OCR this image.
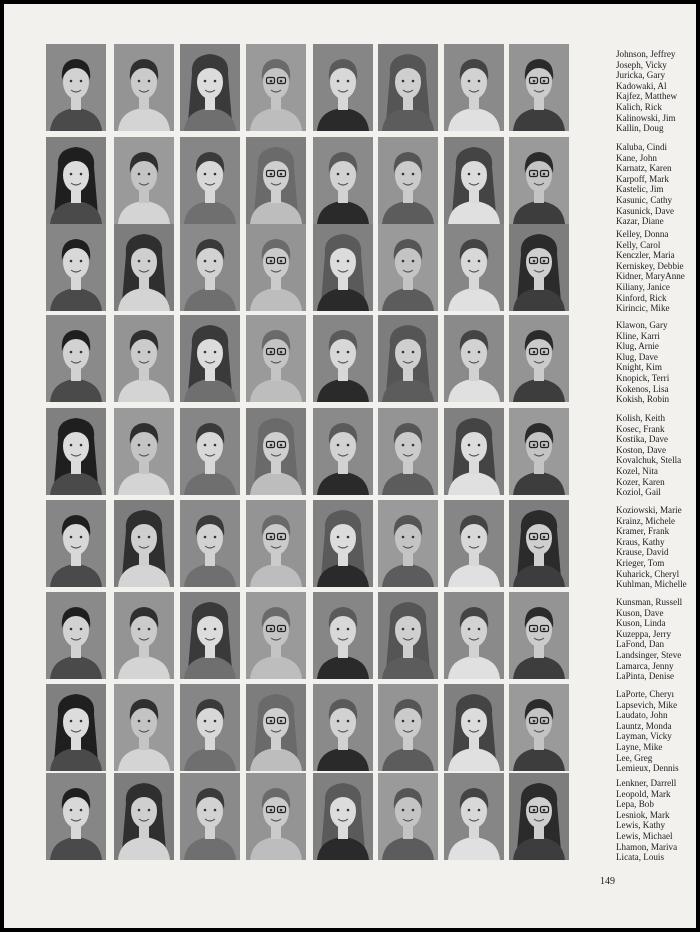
Johnson, Jeffrey
Joseph, Vicky
Juricka, Gary
Kadowaki, Al
Kajfez, Matthew
Kalich, Rick
Kalinowski, Jim
Kallin, Doug
Kaluba, Cindi
Kane, John
Karnatz, Karen
Karpoff, Mark
Kastelic, Jim
Kasunic, Cathy
Kasunick, Dave
Kazar, Diane
Kelley, Donna
Kelly, Carol
Kenczler, Maria
Kerniskey, Debbie
Kidner, MaryAnne
Kiliany, Janice
Kinford, Rick
Kirincic, Mike
Klawon, Gary
Kline, Karri
Klug, Arnie
Klug, Dave
Knight, Kim
Knopick, Terri
Kokenos, Lisa
Kokish, Robin
Kolish, Keith
Kosec, Frank
Kostika, Dave
Koston, Dave
Kovalchuk, Stella
Kozel, Nita
Kozer, Karen
Koziol, Gail
Koziowski, Marie
Krainz, Michele
Kramer, Frank
Kraus, Kathy
Krause, David
Krieger, Tom
Kuharick, Cheryl
Kuhlman, Michelle
Kunsman, Russell
Kuson, Dave
Kuson, Linda
Kuzeppa, Jerry
LaFond, Dan
Landsinger, Steve
Lamarca, Jenny
LaPinta, Denise
LaPorte, Cheryı
Lapsevich, Mike
Laudato, John
Launtz, Monda
Layman, Vicky
Layne, Mike
Lee, Greg
Lemieux, Dennis
Lenkner, Darrell
Leopold, Mark
Lepa, Bob
Lesniok, Mark
Lewis, Kathy
Lewis, Michael
Lhamon, Mariva
Licata, Louis
149
